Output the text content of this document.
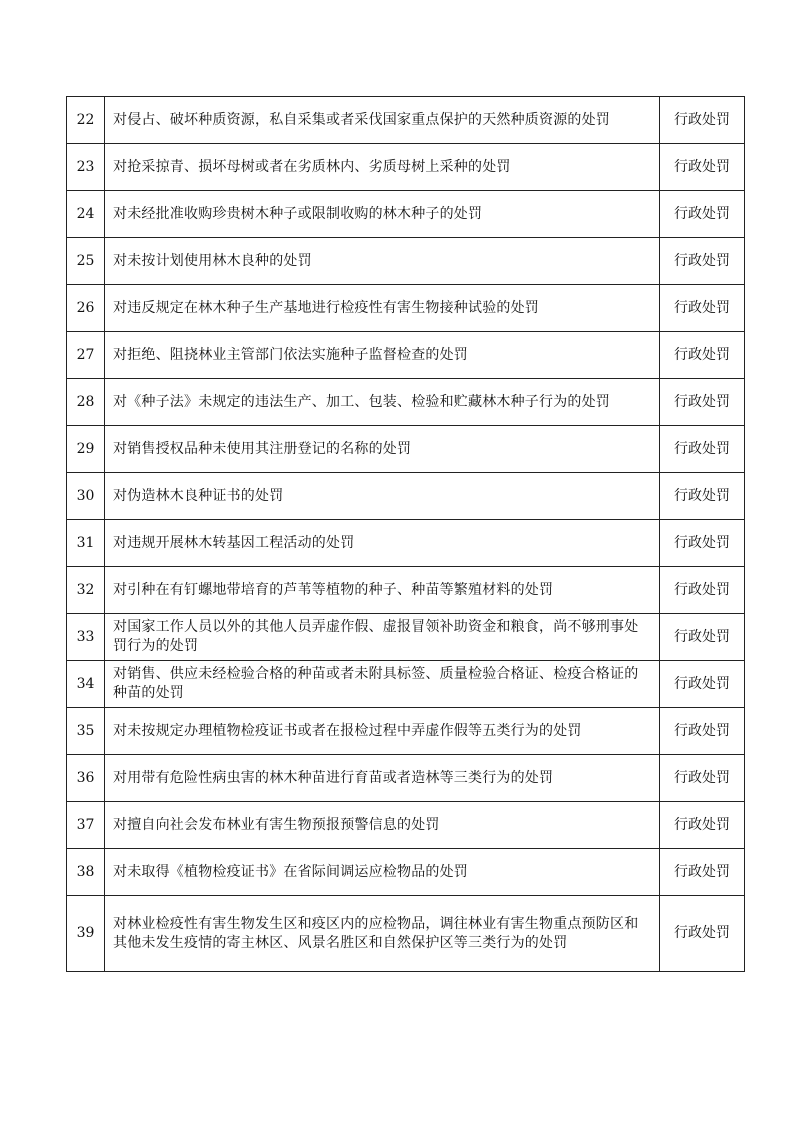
22	对侵占、破坏种质资源，私自采集或者采伐国家重点保护的天然种质资源的处罚	行政处罚
23	对抢采掠青、损坏母树或者在劣质林内、劣质母树上采种的处罚	行政处罚
24	对未经批准收购珍贵树木种子或限制收购的林木种子的处罚	行政处罚
25	对未按计划使用林木良种的处罚	行政处罚
26	对违反规定在林木种子生产基地进行检疫性有害生物接种试验的处罚	行政处罚
27	对拒绝、阻挠林业主管部门依法实施种子监督检查的处罚	行政处罚
28	对《种子法》未规定的违法生产、加工、包装、检验和贮藏林木种子行为的处罚	行政处罚
29	对销售授权品种未使用其注册登记的名称的处罚	行政处罚
30	对伪造林木良种证书的处罚	行政处罚
31	对违规开展林木转基因工程活动的处罚	行政处罚
32	对引种在有钉螺地带培育的芦苇等植物的种子、种苗等繁殖材料的处罚	行政处罚
33	对国家工作人员以外的其他人员弄虚作假、虚报冒领补助资金和粮食，尚不够刑事处罚行为的处罚	行政处罚
34	对销售、供应未经检验合格的种苗或者未附具标签、质量检验合格证、检疫合格证的种苗的处罚	行政处罚
35	对未按规定办理植物检疫证书或者在报检过程中弄虚作假等五类行为的处罚	行政处罚
36	对用带有危险性病虫害的林木种苗进行育苗或者造林等三类行为的处罚	行政处罚
37	对擅自向社会发布林业有害生物预报预警信息的处罚	行政处罚
38	对未取得《植物检疫证书》在省际间调运应检物品的处罚	行政处罚
39	对林业检疫性有害生物发生区和疫区内的应检物品，调往林业有害生物重点预防区和其他未发生疫情的寄主林区、风景名胜区和自然保护区等三类行为的处罚	行政处罚
